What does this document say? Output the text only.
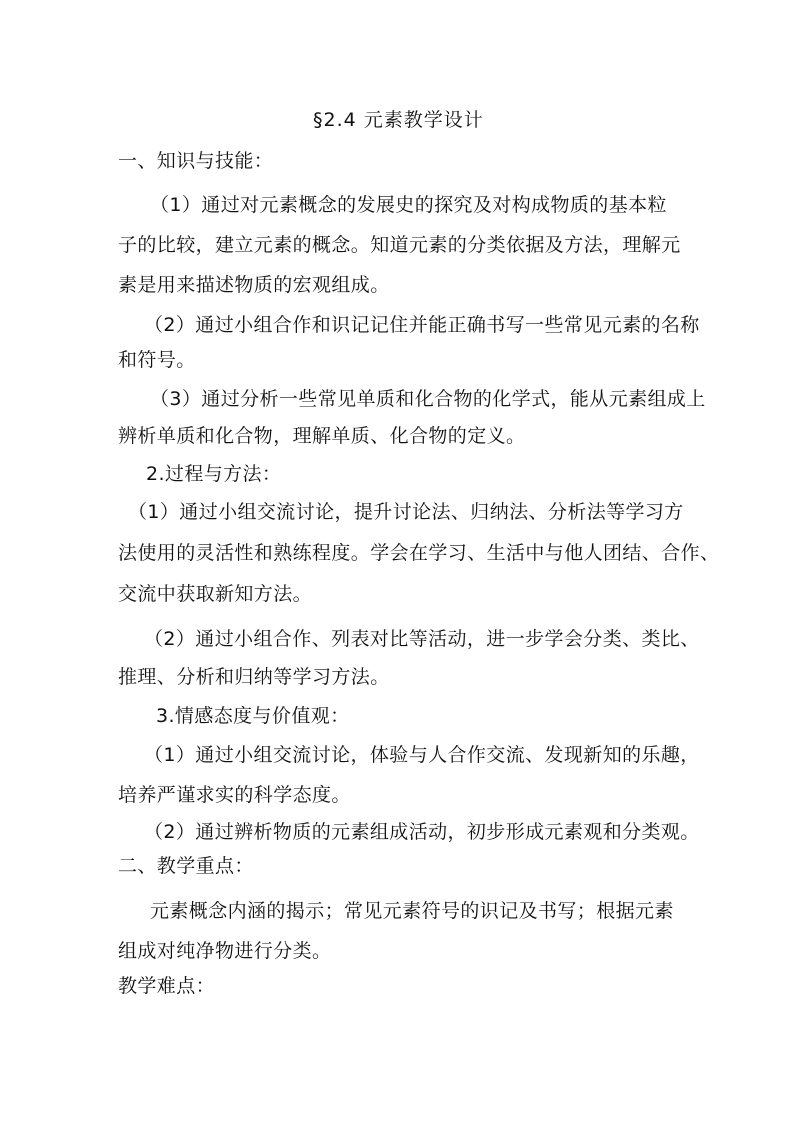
§2.4 元素教学设计
一、知识与技能：
（1）通过对元素概念的发展史的探究及对构成物质的基本粒
子的比较，建立元素的概念。知道元素的分类依据及方法，理解元
素是用来描述物质的宏观组成。
（2）通过小组合作和识记记住并能正确书写一些常见元素的名称
和符号。
（3）通过分析一些常见单质和化合物的化学式，能从元素组成上
辨析单质和化合物，理解单质、化合物的定义。
2.过程与方法：
（1）通过小组交流讨论，提升讨论法、归纳法、分析法等学习方
法使用的灵活性和熟练程度。学会在学习、生活中与他人团结、合作、
交流中获取新知方法。
（2）通过小组合作、列表对比等活动，进一步学会分类、类比、
推理、分析和归纳等学习方法。
3.情感态度与价值观：
（1）通过小组交流讨论，体验与人合作交流、发现新知的乐趣，
培养严谨求实的科学态度。
（2）通过辨析物质的元素组成活动，初步形成元素观和分类观。
二、教学重点：
元素概念内涵的揭示；常见元素符号的识记及书写；根据元素
组成对纯净物进行分类。
教学难点：
